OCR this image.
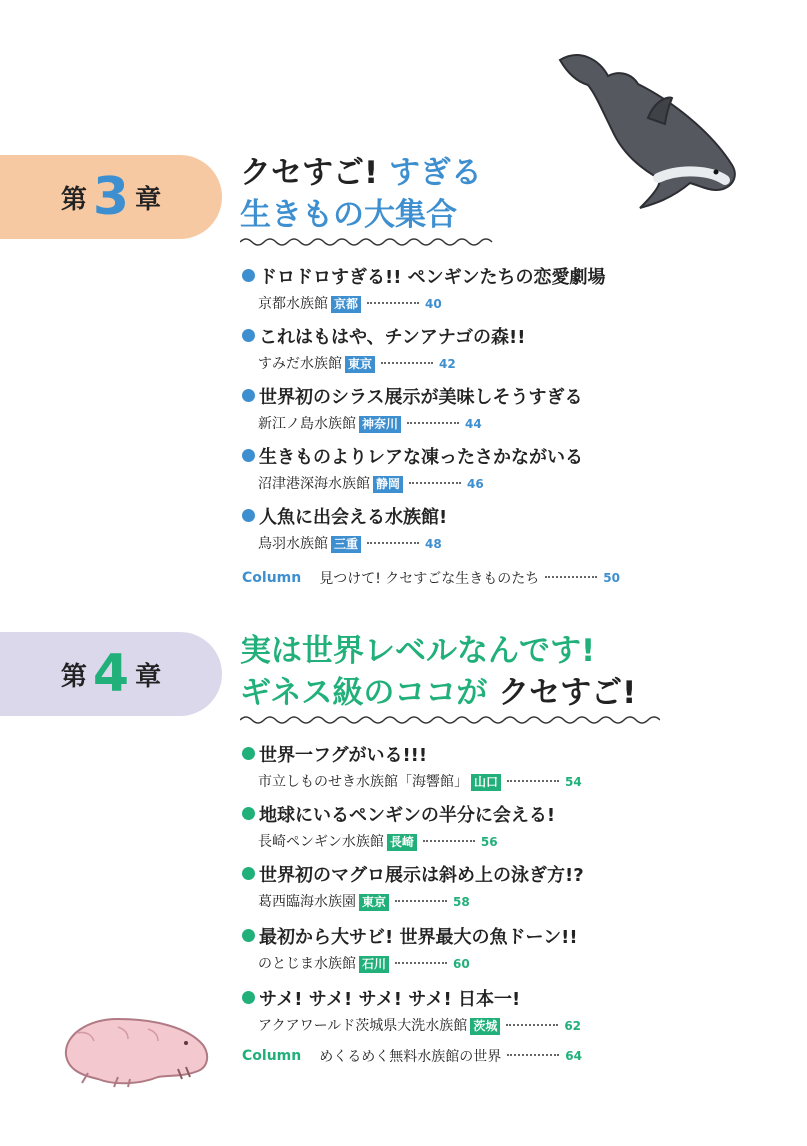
第 3 章
クセすご! すぎる
生きもの大集合
ドロドロすぎる!! ペンギンたちの恋愛劇場
京都水族館 京都	40
これはもはや、チンアナゴの森!!
すみだ水族館 東京	42
世界初のシラス展示が美味しそうすぎる
新江ノ島水族館 神奈川	44
生きものよりレアな凍ったさかながいる
沼津港深海水族館 静岡	46
人魚に出会える水族館!
鳥羽水族館 三重	48
Column 見つけて! クセすごな生きものたち	50
第 4 章
実は世界レベルなんです!
ギネス級のココが クセすご!
世界一フグがいる!!!
市立しものせき水族館「海響館」 山口	54
地球にいるペンギンの半分に会える!
長崎ペンギン水族館 長崎	56
世界初のマグロ展示は斜め上の泳ぎ方!?
葛西臨海水族園 東京	58
最初から大サビ! 世界最大の魚ドーン!!
のとじま水族館 石川	60
サメ! サメ! サメ! サメ! 日本一!
アクアワールド茨城県大洗水族館 茨城	62
Column めくるめく無料水族館の世界	64
